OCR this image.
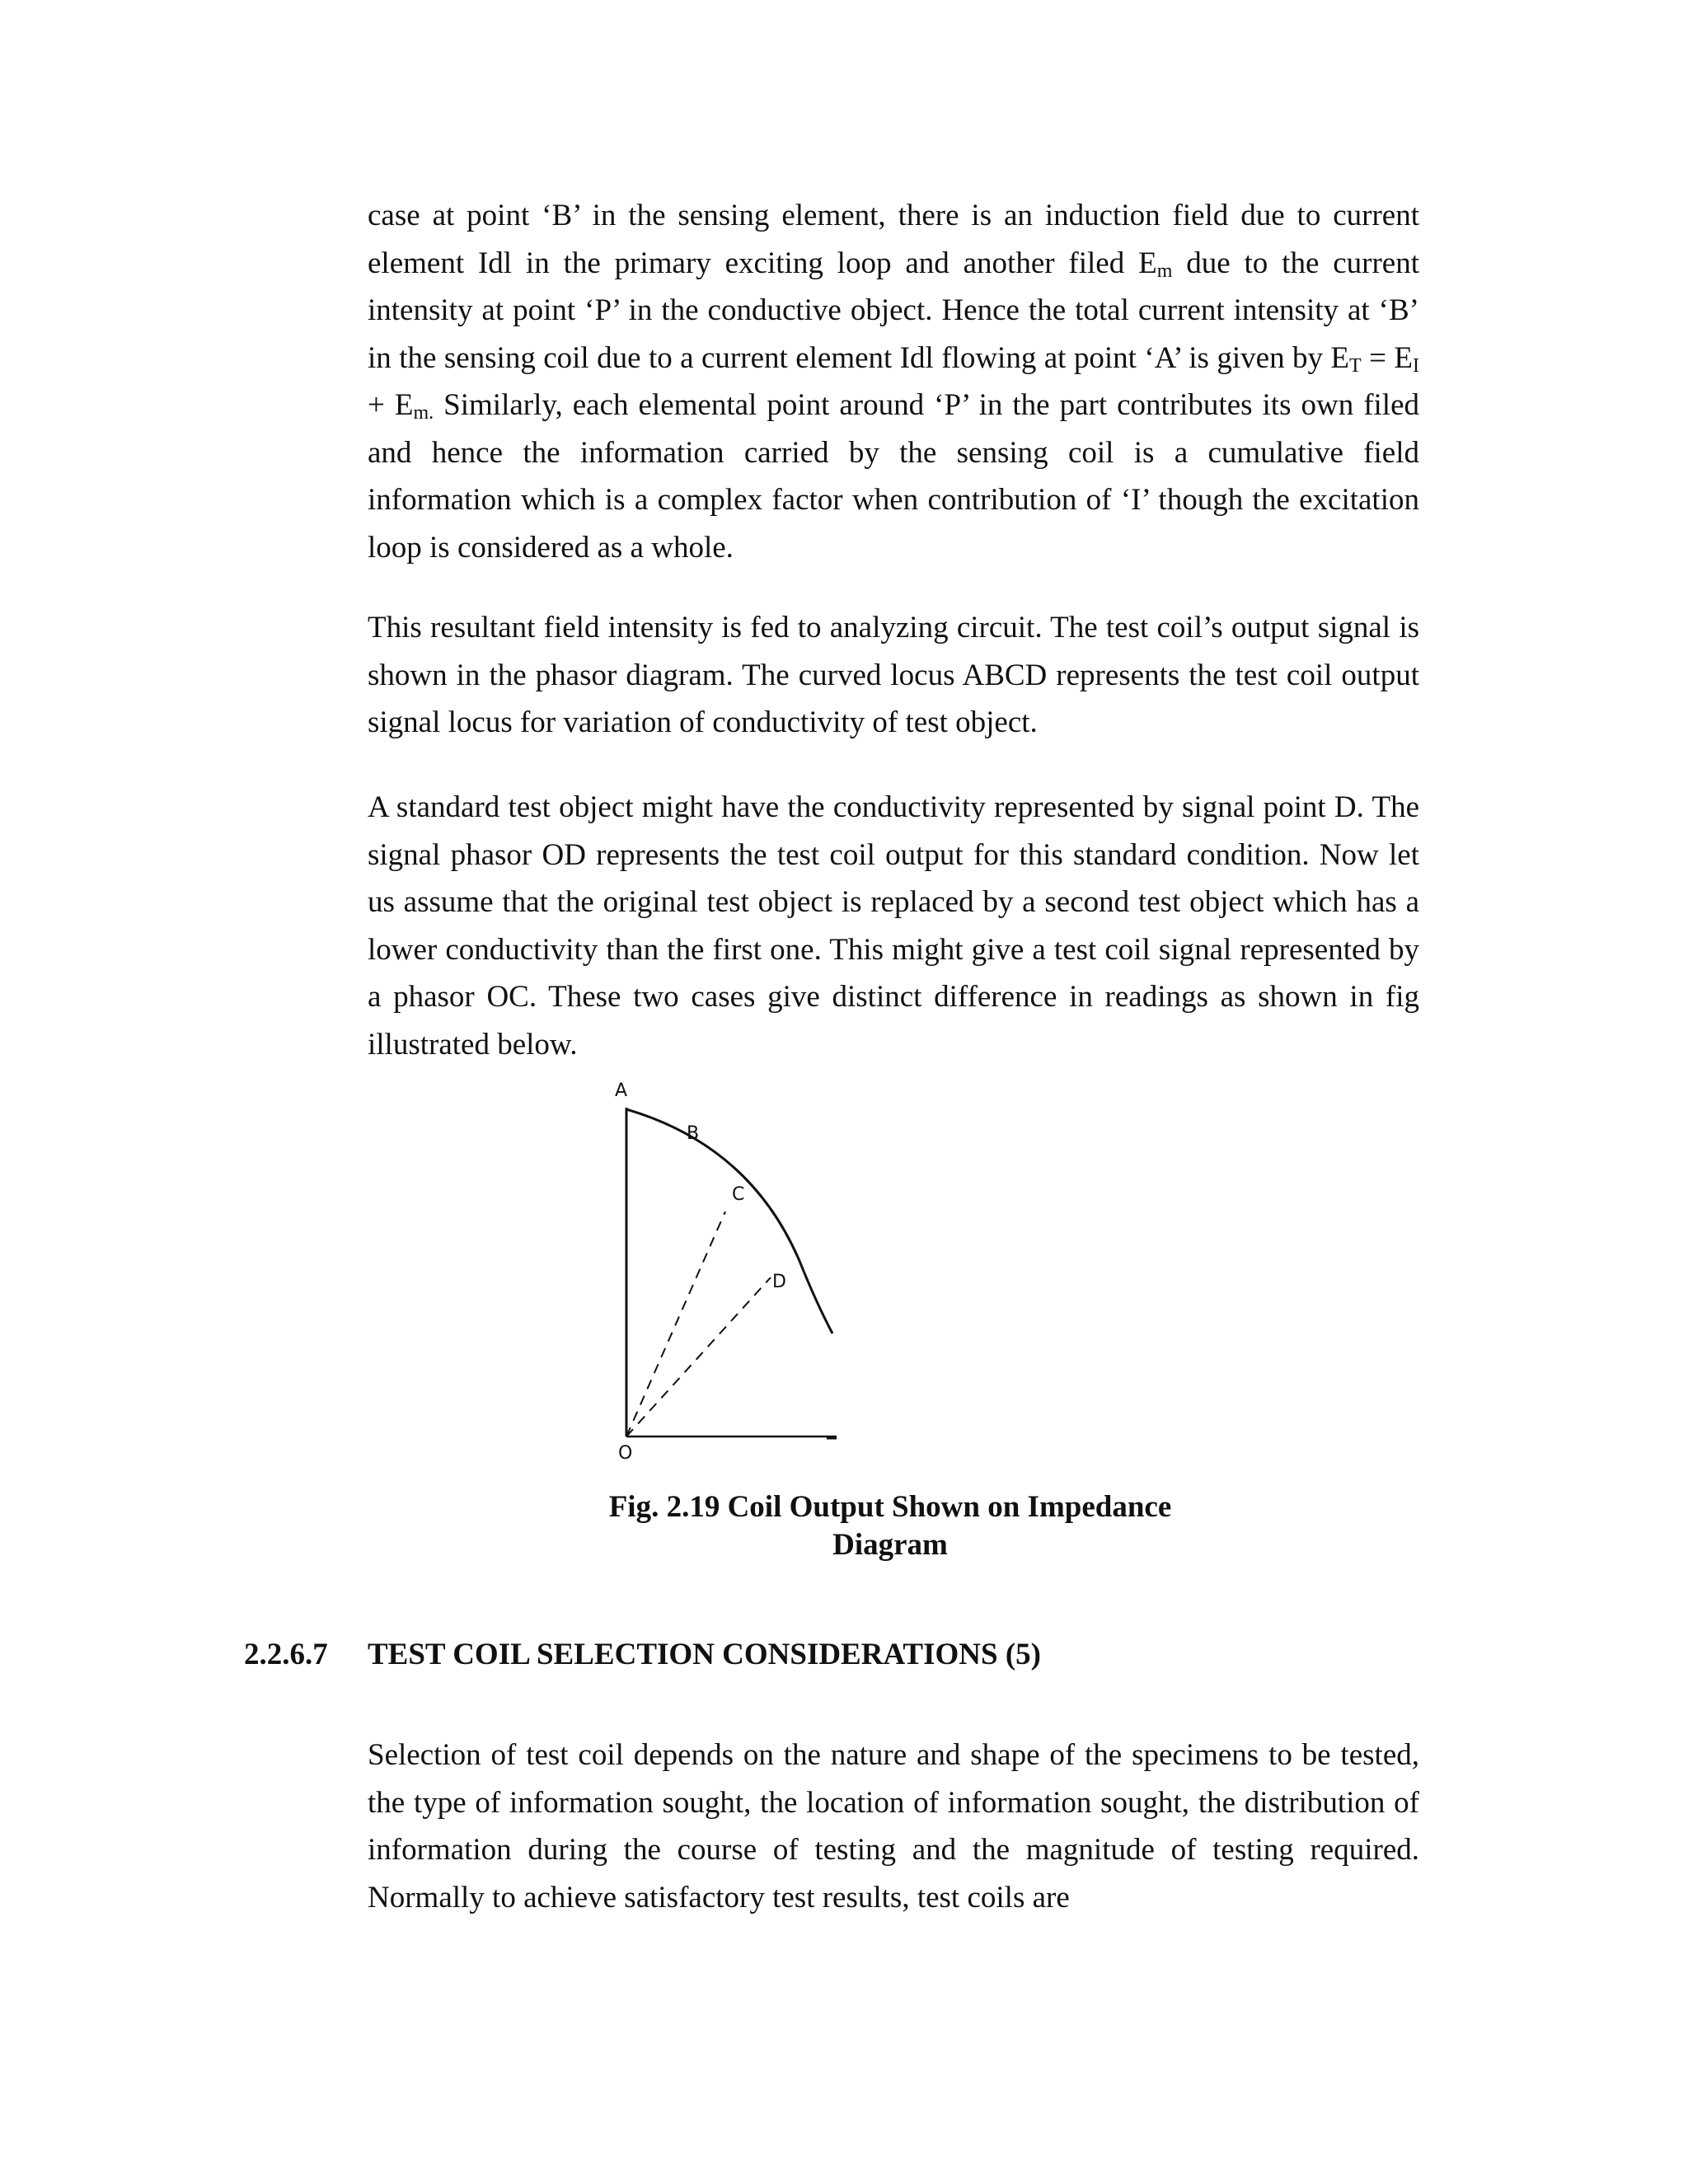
case at point ‘B’ in the sensing element, there is an induction field due to current element Idl in the primary exciting loop and another filed $E_m$ due to the current intensity at point ‘P’ in the conductive object. Hence the total current intensity at ‘B’ in the sensing coil due to a current element Idl flowing at point ‘A’ is given by $E_T = E_I + E_{m.}$ Similarly, each elemental point around ‘P’ in the part contributes its own filed and hence the information carried by the sensing coil is a cumulative field information which is a complex factor when contribution of ‘I’ though the excitation loop is considered as a whole.

This resultant field intensity is fed to analyzing circuit. The test coil’s output signal is shown in the phasor diagram. The curved locus ABCD represents the test coil output signal locus for variation of conductivity of test object.

A standard test object might have the conductivity represented by signal point D. The signal phasor OD represents the test coil output for this standard condition. Now let us assume that the original test object is replaced by a second test object which has a lower conductivity than the first one. This might give a test coil signal represented by a phasor OC. These two cases give distinct difference in readings as shown in fig illustrated below.

A
B
C
D
O

Fig. 2.19 Coil Output Shown on Impedance
Diagram

2.2.6.7 TEST COIL SELECTION CONSIDERATIONS (5)

Selection of test coil depends on the nature and shape of the specimens to be tested, the type of information sought, the location of information sought, the distribution of information during the course of testing and the magnitude of testing required. Normally to achieve satisfactory test results, test coils are
